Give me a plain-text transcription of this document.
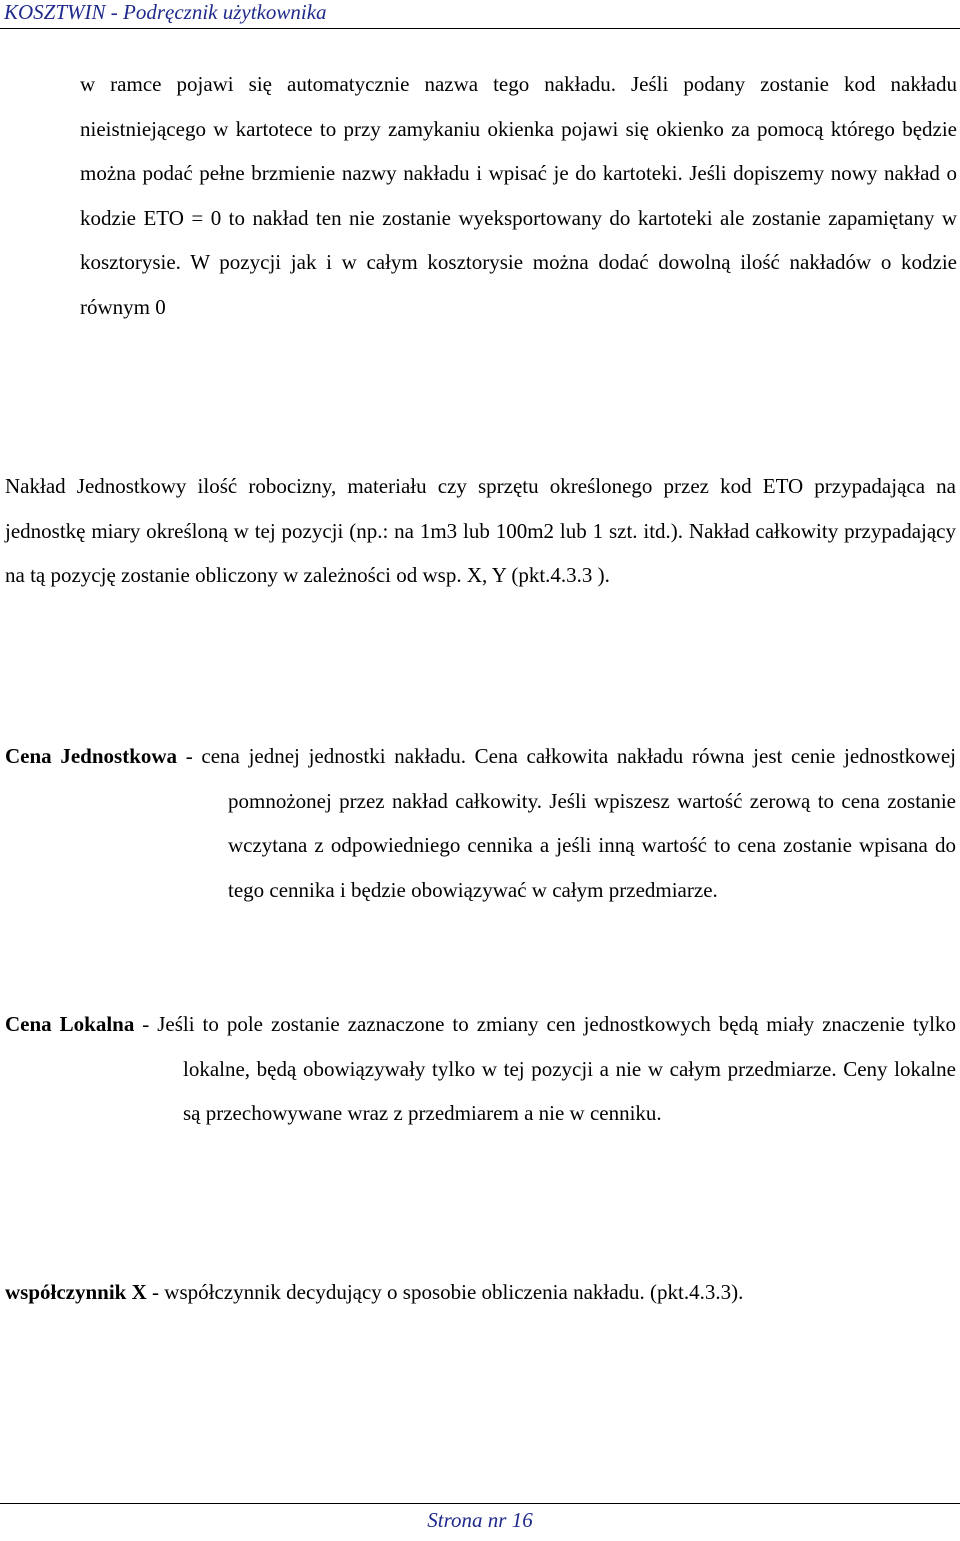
KOSZTWIN - Podręcznik użytkownika

w ramce pojawi się automatycznie nazwa tego nakładu. Jeśli podany zostanie kod nakładu nieistniejącego w kartotece to przy zamykaniu okienka pojawi się okienko za pomocą którego będzie można podać pełne brzmienie nazwy nakładu i wpisać je do kartoteki. Jeśli dopiszemy nowy nakład o kodzie ETO = 0 to nakład ten nie zostanie wyeksportowany do kartoteki ale zostanie zapamiętany w kosztorysie. W pozycji jak i w całym kosztorysie można dodać dowolną ilość nakładów o kodzie równym 0

Nakład Jednostkowy ilość robocizny, materiału czy sprzętu określonego przez kod ETO przypadająca na jednostkę miary określoną w tej pozycji (np.: na 1m3 lub 100m2 lub 1 szt. itd.). Nakład całkowity przypadający na tą pozycję zostanie obliczony w zależności od wsp. X, Y (pkt.4.3.3 ).

Cena Jednostkowa - cena jednej jednostki nakładu. Cena całkowita nakładu równa jest cenie jednostkowej pomnożonej przez nakład całkowity. Jeśli wpiszesz wartość zerową to cena zostanie wczytana z odpowiedniego cennika a jeśli inną wartość to cena zostanie wpisana do tego cennika i będzie obowiązywać w całym przedmiarze.

Cena Lokalna - Jeśli to pole zostanie zaznaczone to zmiany cen jednostkowych będą miały znaczenie tylko lokalne, będą obowiązywały tylko w tej pozycji a nie w całym przedmiarze. Ceny lokalne są przechowywane wraz z przedmiarem a nie w cenniku.

współczynnik X - współczynnik decydujący o sposobie obliczenia nakładu. (pkt.4.3.3).

Strona nr 16
